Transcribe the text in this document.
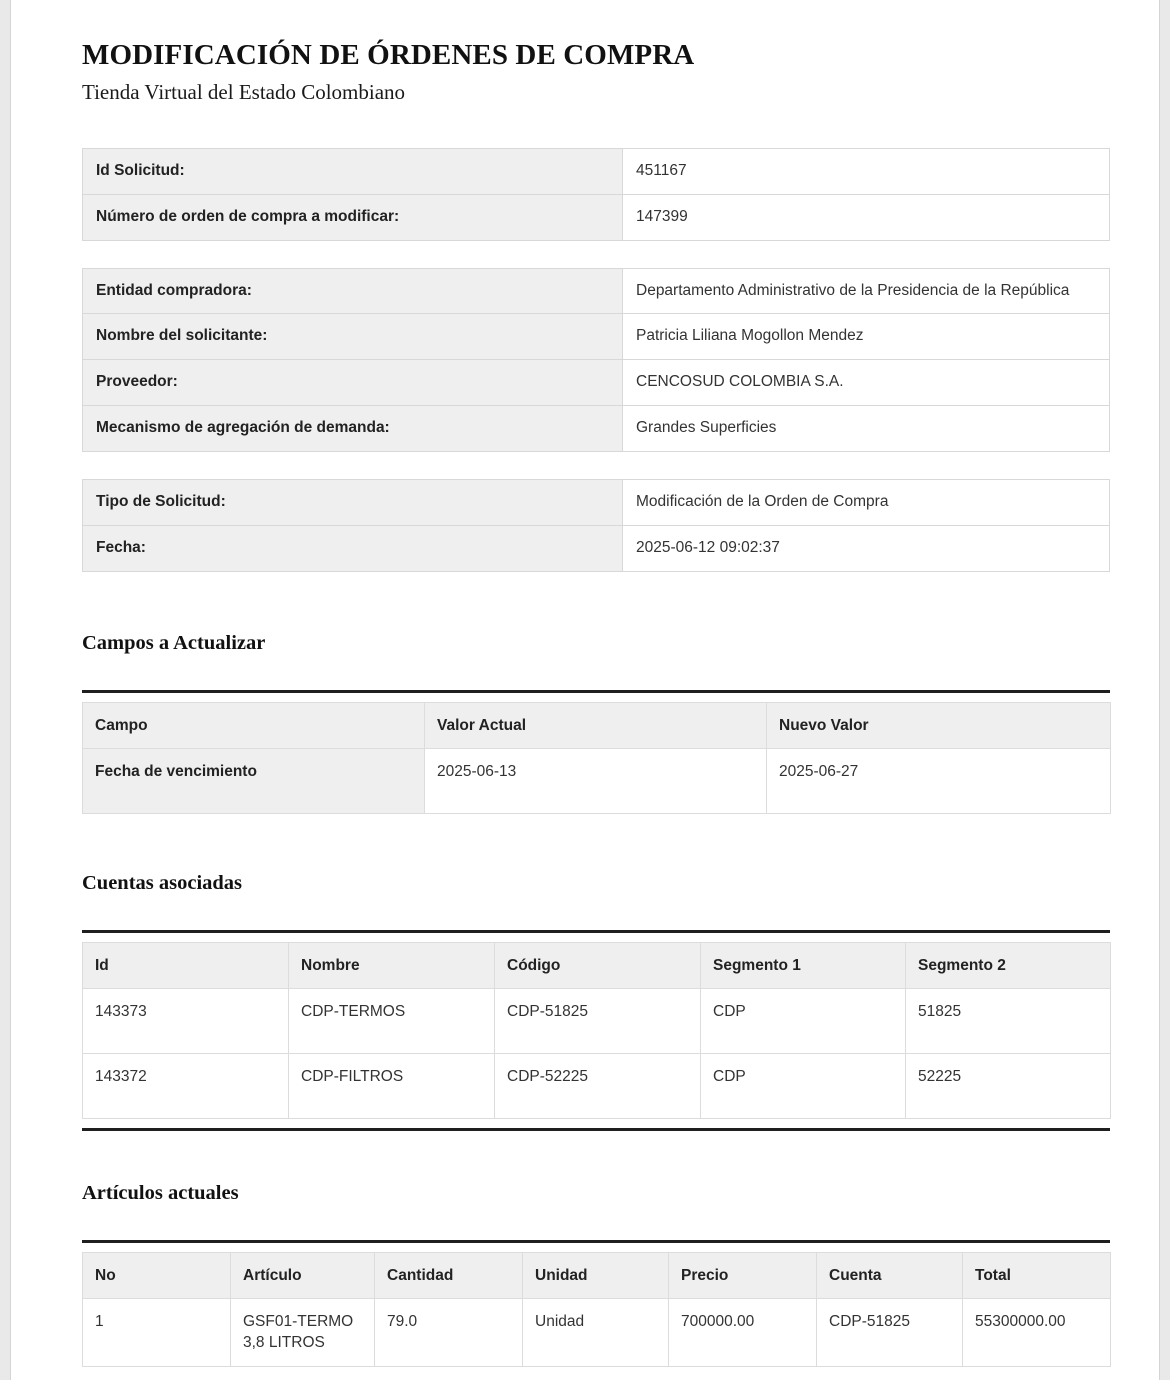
MODIFICACIÓN DE ÓRDENES DE COMPRA

Tienda Virtual del Estado Colombiano

Id Solicitud:	451167
Número de orden de compra a modificar:	147399
Entidad compradora:	Departamento Administrativo de la Presidencia de la República
Nombre del solicitante:	Patricia Liliana Mogollon Mendez
Proveedor:	CENCOSUD COLOMBIA S.A.
Mecanismo de agregación de demanda:	Grandes Superficies
Tipo de Solicitud:	Modificación de la Orden de Compra
Fecha:	2025-06-12 09:02:37
Campos a Actualizar
Campo	Valor Actual	Nuevo Valor
Fecha de vencimiento	2025-06-13	2025-06-27
Cuentas asociadas
Id	Nombre	Código	Segmento 1	Segmento 2
143373	CDP-TERMOS	CDP-51825	CDP	51825
143372	CDP-FILTROS	CDP-52225	CDP	52225
Artículos actuales
No	Artículo	Cantidad	Unidad	Precio	Cuenta	Total
1	GSF01-TERMO 3,8 LITROS	79.0	Unidad	700000.00	CDP-51825	55300000.00
